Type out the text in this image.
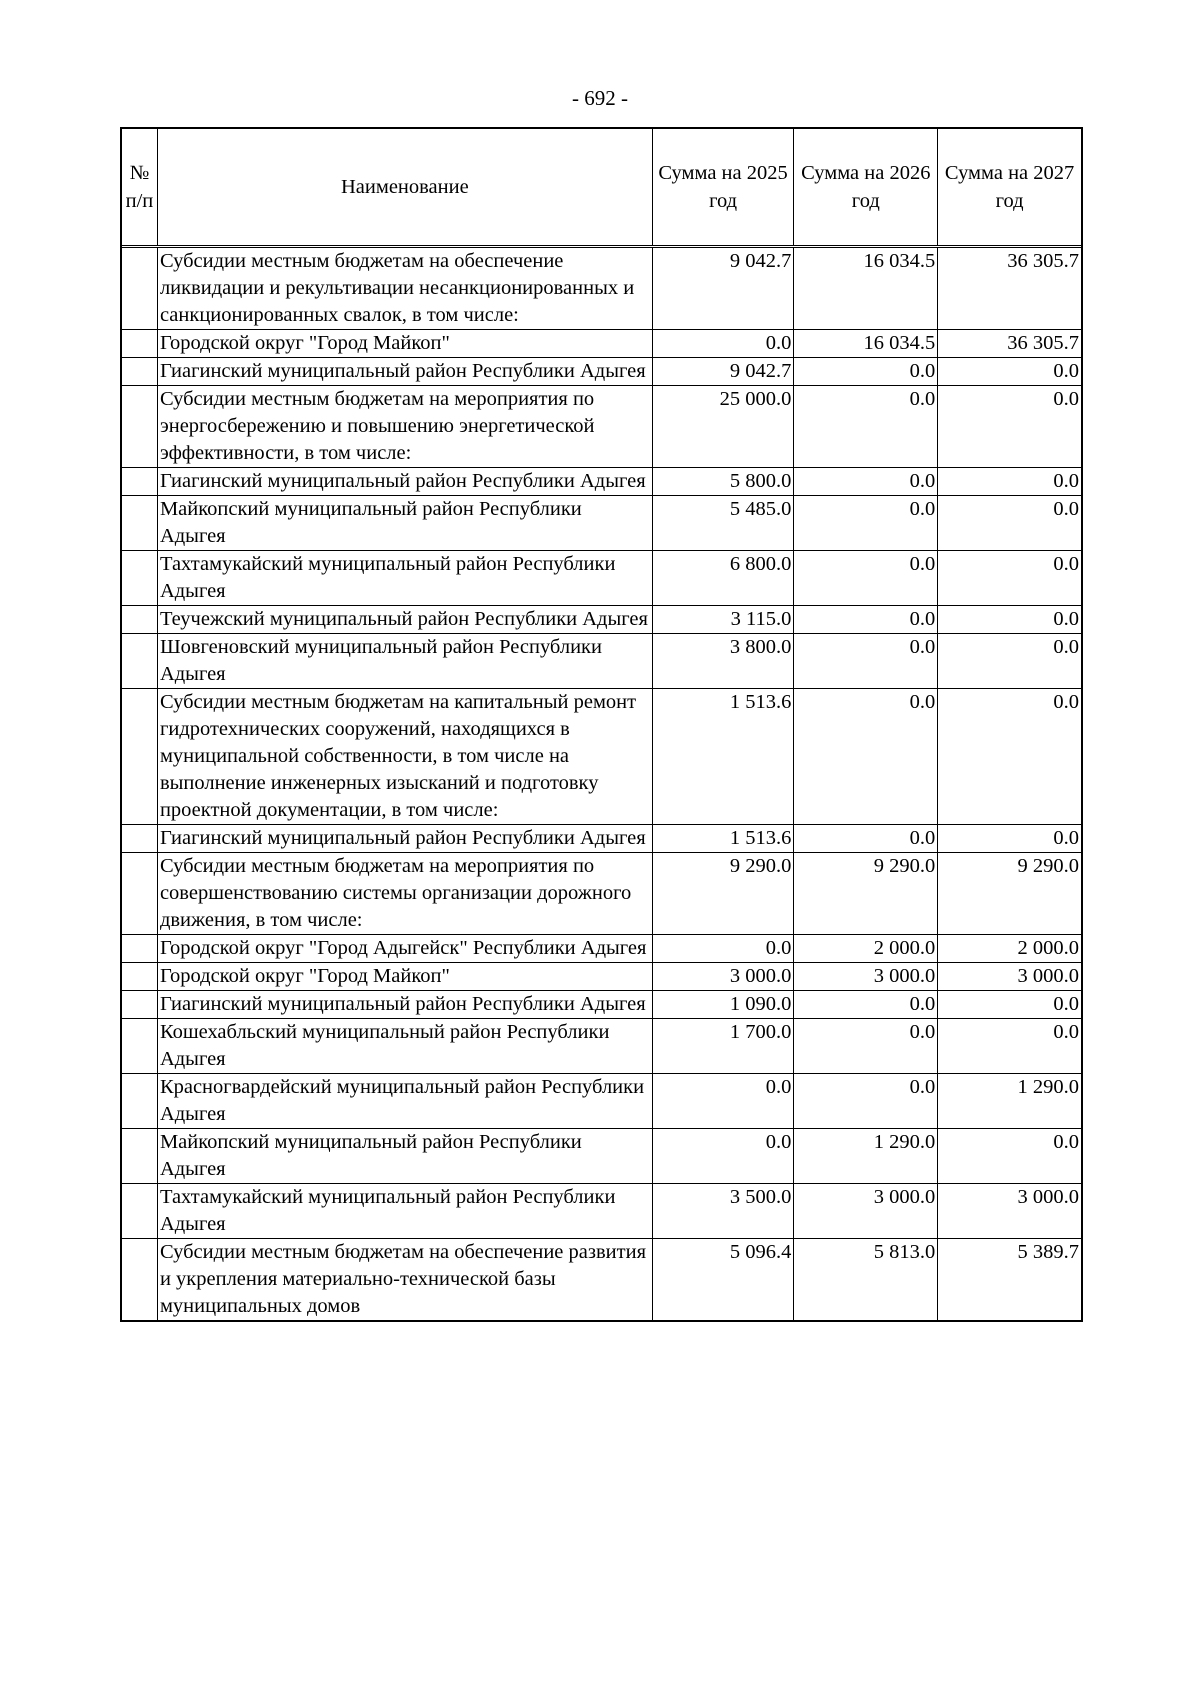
- 692 -
№ п/п	Наименование	Сумма на 2025 год	Сумма на 2026 год	Сумма на 2027 год
	Субсидии местным бюджетам на обеспечение ликвидации и рекультивации несанкционированных и санкционированных свалок, в том числе:	9 042.7	16 034.5	36 305.7
	Городской округ "Город Майкоп"	0.0	16 034.5	36 305.7
	Гиагинский муниципальный район Республики Адыгея	9 042.7	0.0	0.0
	Субсидии местным бюджетам на мероприятия по энергосбережению и повышению энергетической эффективности, в том числе:	25 000.0	0.0	0.0
	Гиагинский муниципальный район Республики Адыгея	5 800.0	0.0	0.0
	Майкопский муниципальный район Республики Адыгея	5 485.0	0.0	0.0
	Тахтамукайский муниципальный район Республики Адыгея	6 800.0	0.0	0.0
	Теучежский муниципальный район Республики Адыгея	3 115.0	0.0	0.0
	Шовгеновский муниципальный район Республики Адыгея	3 800.0	0.0	0.0
	Субсидии местным бюджетам на капитальный ремонт гидротехнических сооружений, находящихся в муниципальной собственности, в том числе на выполнение инженерных изысканий и подготовку проектной документации, в том числе:	1 513.6	0.0	0.0
	Гиагинский муниципальный район Республики Адыгея	1 513.6	0.0	0.0
	Субсидии местным бюджетам на мероприятия по совершенствованию системы организации дорожного движения, в том числе:	9 290.0	9 290.0	9 290.0
	Городской округ "Город Адыгейск" Республики Адыгея	0.0	2 000.0	2 000.0
	Городской округ "Город Майкоп"	3 000.0	3 000.0	3 000.0
	Гиагинский муниципальный район Республики Адыгея	1 090.0	0.0	0.0
	Кошехабльский муниципальный район Республики Адыгея	1 700.0	0.0	0.0
	Красногвардейский муниципальный район Республики Адыгея	0.0	0.0	1 290.0
	Майкопский муниципальный район Республики Адыгея	0.0	1 290.0	0.0
	Тахтамукайский муниципальный район Республики Адыгея	3 500.0	3 000.0	3 000.0
	Субсидии местным бюджетам на обеспечение развития и укрепления материально-технической базы муниципальных домов	5 096.4	5 813.0	5 389.7
